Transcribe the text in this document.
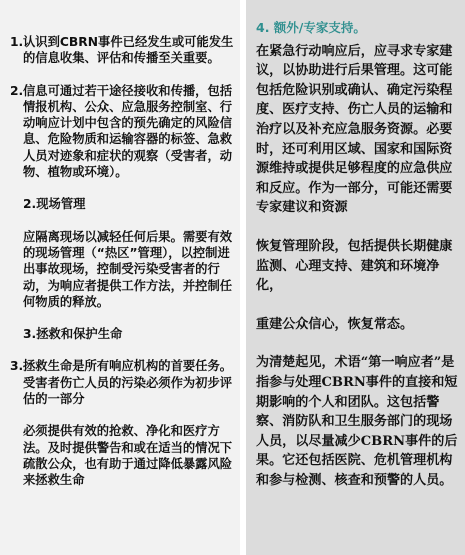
1. 认识到CBRN事件已经发生或可能发生的信息收集、评估和传播至关重要。
2. 信息可通过若干途径接收和传播，包括情报机构、公众、应急服务控制室、行动响应计划中包含的预先确定的风险信息、危险物质和运输容器的标签、急救人员对迹象和症状的观察（受害者，动物、植物或环境）。
2.现场管理
应隔离现场以减轻任何后果。需要有效的现场管理（“热区”管理），以控制进出事故现场，控制受污染受害者的行动，为响应者提供工作方法，并控制任何物质的释放。
3.拯救和保护生命
3. 拯救生命是所有响应机构的首要任务。受害者伤亡人员的污染必须作为初步评估的一部分
必须提供有效的抢救、净化和医疗方法。及时提供警告和或在适当的情况下疏散公众，也有助于通过降低暴露风险来拯救生命
4. 额外/专家支持。
在紧急行动响应后，应寻求专家建议，以协助进行后果管理。这可能包括危险识别或确认、确定污染程度、医疗支持、伤亡人员的运输和治疗以及补充应急服务资源。必要时，还可利用区域、国家和国际资源维持或提供足够程度的应急供应和反应。作为一部分，可能还需要专家建议和资源
恢复管理阶段，包括提供长期健康监测、心理支持、建筑和环境净化，
重建公众信心，恢复常态。
为清楚起见，术语“第一响应者”是指参与处理CBRN事件的直接和短期影响的个人和团队。这包括警察、消防队和卫生服务部门的现场人员，以尽量减少CBRN事件的后果。它还包括医院、危机管理机构和参与检测、核查和预警的人员。
